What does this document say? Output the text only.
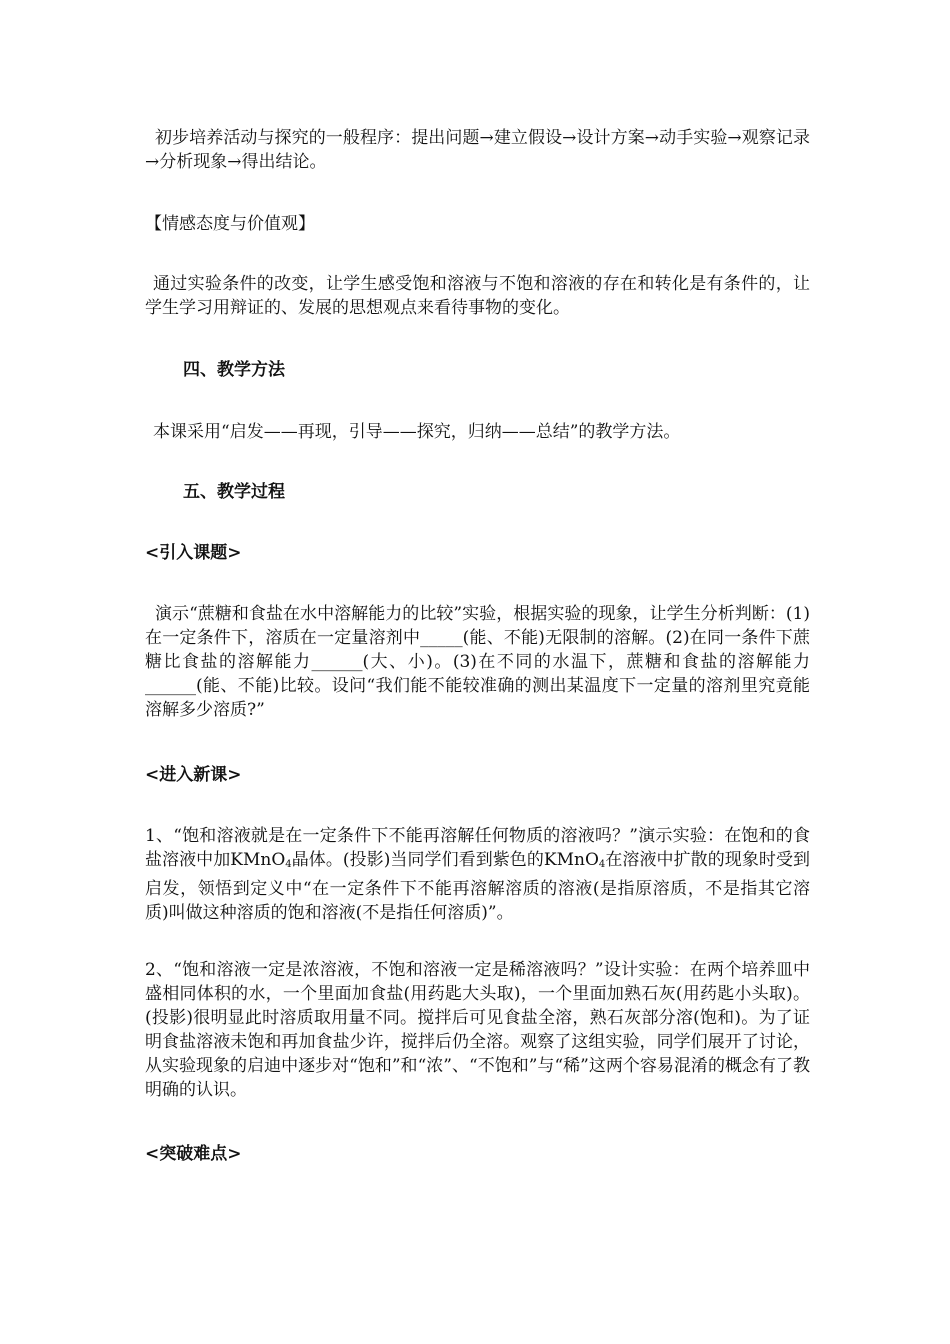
初步培养活动与探究的一般程序：提出问题→建立假设→设计方案→动手实验→观察记录→分析现象→得出结论。

【情感态度与价值观】

通过实验条件的改变，让学生感受饱和溶液与不饱和溶液的存在和转化是有条件的，让学生学习用辩证的、发展的思想观点来看待事物的变化。

四、教学方法

本课采用“启发——再现，引导——探究，归纳——总结”的教学方法。

五、教学过程

<引入课题>

演示“蔗糖和食盐在水中溶解能力的比较”实验，根据实验的现象，让学生分析判断：(1)在一定条件下，溶质在一定量溶剂中_____(能、不能)无限制的溶解。(2)在同一条件下蔗糖比食盐的溶解能力______(大、小)。(3)在不同的水温下，蔗糖和食盐的溶解能力______(能、不能)比较。设问“我们能不能较准确的测出某温度下一定量的溶剂里究竟能溶解多少溶质?”

<进入新课>

1、“饱和溶液就是在一定条件下不能再溶解任何物质的溶液吗？”演示实验：在饱和的食盐溶液中加KMnO$_4$晶体。(投影)当同学们看到紫色的KMnO$_4$在溶液中扩散的现象时受到启发，领悟到定义中“在一定条件下不能再溶解溶质的溶液(是指原溶质，不是指其它溶质)叫做这种溶质的饱和溶液(不是指任何溶质)”。

2、“饱和溶液一定是浓溶液，不饱和溶液一定是稀溶液吗？”设计实验：在两个培养皿中盛相同体积的水，一个里面加食盐(用药匙大头取)，一个里面加熟石灰(用药匙小头取)。(投影)很明显此时溶质取用量不同。搅拌后可见食盐全溶，熟石灰部分溶(饱和)。为了证明食盐溶液未饱和再加食盐少许，搅拌后仍全溶。观察了这组实验，同学们展开了讨论，从实验现象的启迪中逐步对“饱和”和“浓”、“不饱和”与“稀”这两个容易混淆的概念有了教明确的认识。

<突破难点>
